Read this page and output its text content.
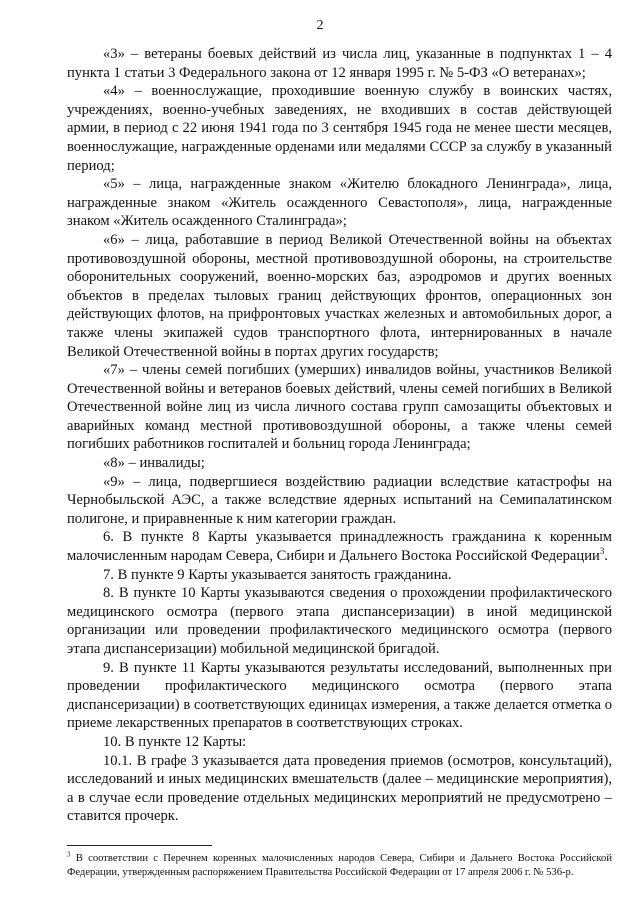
2

«3» – ветераны боевых действий из числа лиц, указанные в подпунктах 1 – 4 пункта 1 статьи 3 Федерального закона от 12 января 1995 г. № 5-ФЗ «О ветеранах»;

«4» – военнослужащие, проходившие военную службу в воинских частях, учреждениях, военно-учебных заведениях, не входивших в состав действующей армии, в период с 22 июня 1941 года по 3 сентября 1945 года не менее шести месяцев, военнослужащие, награжденные орденами или медалями СССР за службу в указанный период;

«5» – лица, награжденные знаком «Жителю блокадного Ленинграда», лица, награжденные знаком «Житель осажденного Севастополя», лица, награжденные знаком «Житель осажденного Сталинграда»;

«6» – лица, работавшие в период Великой Отечественной войны на объектах противовоздушной обороны, местной противовоздушной обороны, на строительстве оборонительных сооружений, военно-морских баз, аэродромов и других военных объектов в пределах тыловых границ действующих фронтов, операционных зон действующих флотов, на прифронтовых участках железных и автомобильных дорог, а также члены экипажей судов транспортного флота, интернированных в начале Великой Отечественной войны в портах других государств;

«7» – члены семей погибших (умерших) инвалидов войны, участников Великой Отечественной войны и ветеранов боевых действий, члены семей погибших в Великой Отечественной войне лиц из числа личного состава групп самозащиты объектовых и аварийных команд местной противовоздушной обороны, а также члены семей погибших работников госпиталей и больниц города Ленинграда;

«8» – инвалиды;

«9» – лица, подвергшиеся воздействию радиации вследствие катастрофы на Чернобыльской АЭС, а также вследствие ядерных испытаний на Семипалатинском полигоне, и приравненные к ним категории граждан.

6. В пункте 8 Карты указывается принадлежность гражданина к коренным малочисленным народам Севера, Сибири и Дальнего Востока Российской Федерации$^3$.

7. В пункте 9 Карты указывается занятость гражданина.

8. В пункте 10 Карты указываются сведения о прохождении профилактического медицинского осмотра (первого этапа диспансеризации) в иной медицинской организации или проведении профилактического медицинского осмотра (первого этапа диспансеризации) мобильной медицинской бригадой.

9. В пункте 11 Карты указываются результаты исследований, выполненных при проведении профилактического медицинского осмотра (первого этапа диспансеризации) в соответствующих единицах измерения, а также делается отметка о приеме лекарственных препаратов в соответствующих строках.

10. В пункте 12 Карты:

10.1. В графе 3 указывается дата проведения приемов (осмотров, консультаций), исследований и иных медицинских вмешательств (далее – медицинские мероприятия), а в случае если проведение отдельных медицинских мероприятий не предусмотрено – ставится прочерк.

$^3$ В соответствии с Перечнем коренных малочисленных народов Севера, Сибири и Дальнего Востока Российской Федерации, утвержденным распоряжением Правительства Российской Федерации от 17 апреля 2006 г. № 536-р.
